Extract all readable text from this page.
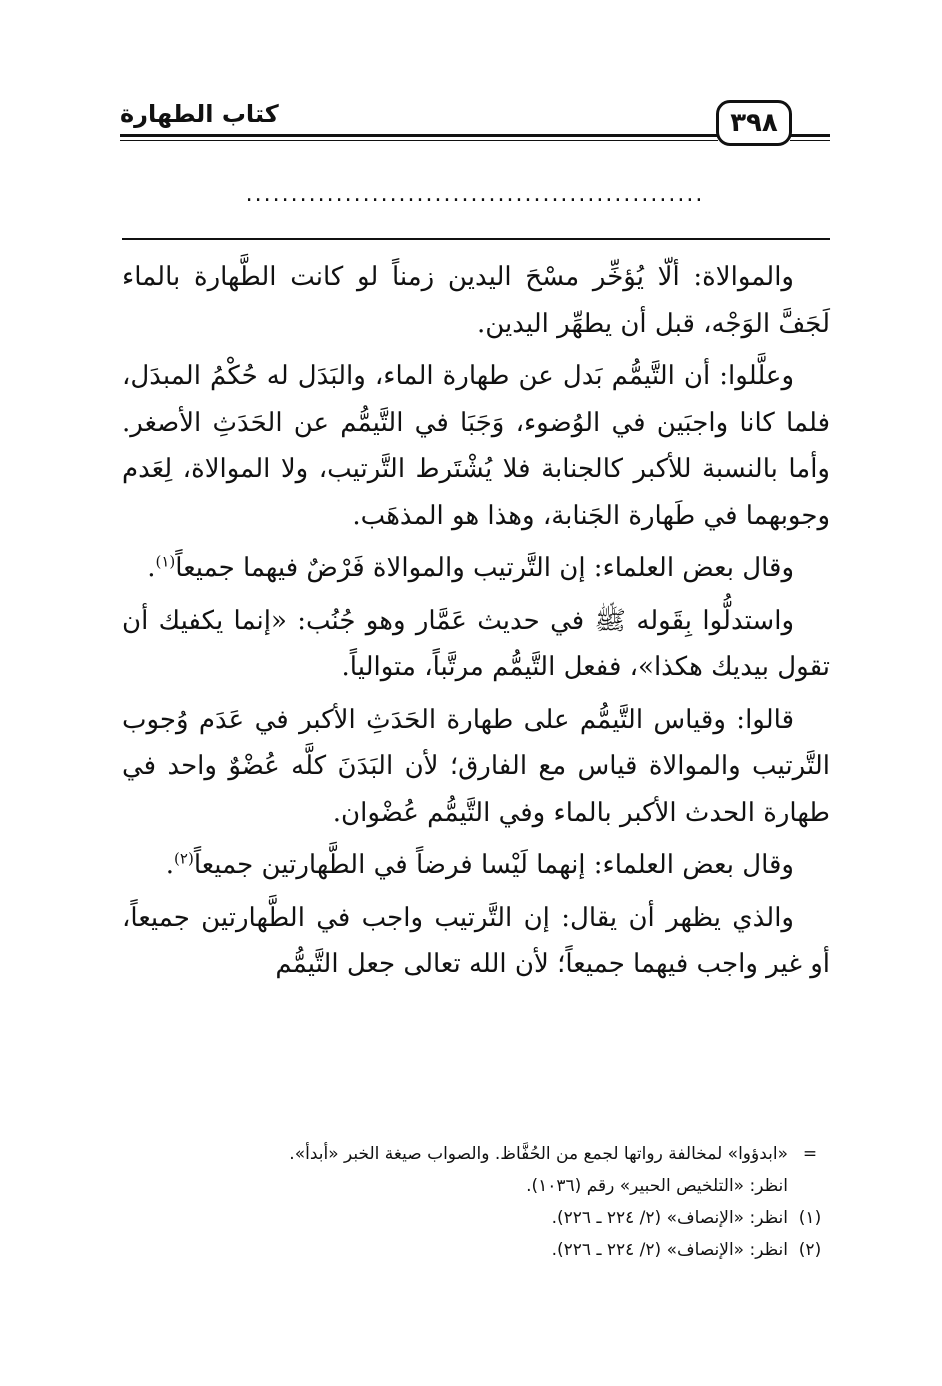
كتاب الطهارة	٣٩٨
...................................................

والموالاة: ألّا يُؤخِّر مسْحَ اليدين زمناً لو كانت الطَّهارة بالماء لَجَفَّ الوَجْه، قبل أن يطهِّر اليدين.

وعلَّلوا: أن التَّيمُّم بَدل عن طهارة الماء، والبَدَل له حُكْمُ المبدَل، فلما كانا واجبَين في الوُضوء، وَجَبَا في التَّيمُّم عن الحَدَثِ الأصغر. وأما بالنسبة للأكبر كالجنابة فلا يُشْتَرط التَّرتيب، ولا الموالاة، لِعَدم وجوبهما في طَهارة الجَنابة، وهذا هو المذهَب.

وقال بعض العلماء: إن التَّرتيب والموالاة فَرْضٌ فيهما جميعاً$^{(١)}$.

واستدلُّوا بِقَوله ﷺ في حديث عَمَّار وهو جُنُب: «إنما يكفيك أن تقول بيديك هكذا»، ففعل التَّيمُّم مرتَّباً، متوالياً.

قالوا: وقياس التَّيمُّم على طهارة الحَدَثِ الأكبر في عَدَم وُجوب التَّرتيب والموالاة قياس مع الفارق؛ لأن البَدَنَ كلَّه عُضْوٌ واحد في طهارة الحدث الأكبر بالماء وفي التَّيمُّم عُضْوان.

وقال بعض العلماء: إنهما لَيْسا فرضاً في الطَّهارتين جميعاً$^{(٢)}$.

والذي يظهر أن يقال: إن التَّرتيب واجب في الطَّهارتين جميعاً، أو غير واجب فيهما جميعاً؛ لأن الله تعالى جعل التَّيمُّم

=
«ابدؤوا» لمخالفة رواتها لجمع من الحُفَّاظ. والصواب صيغة الخبر «أبدأ».
انظر: «التلخيص الحبير» رقم (١٠٣٦).
(١)
انظر: «الإنصاف» (٢/ ٢٢٤ ـ ٢٢٦).
(٢)
انظر: «الإنصاف» (٢/ ٢٢٤ ـ ٢٢٦).
